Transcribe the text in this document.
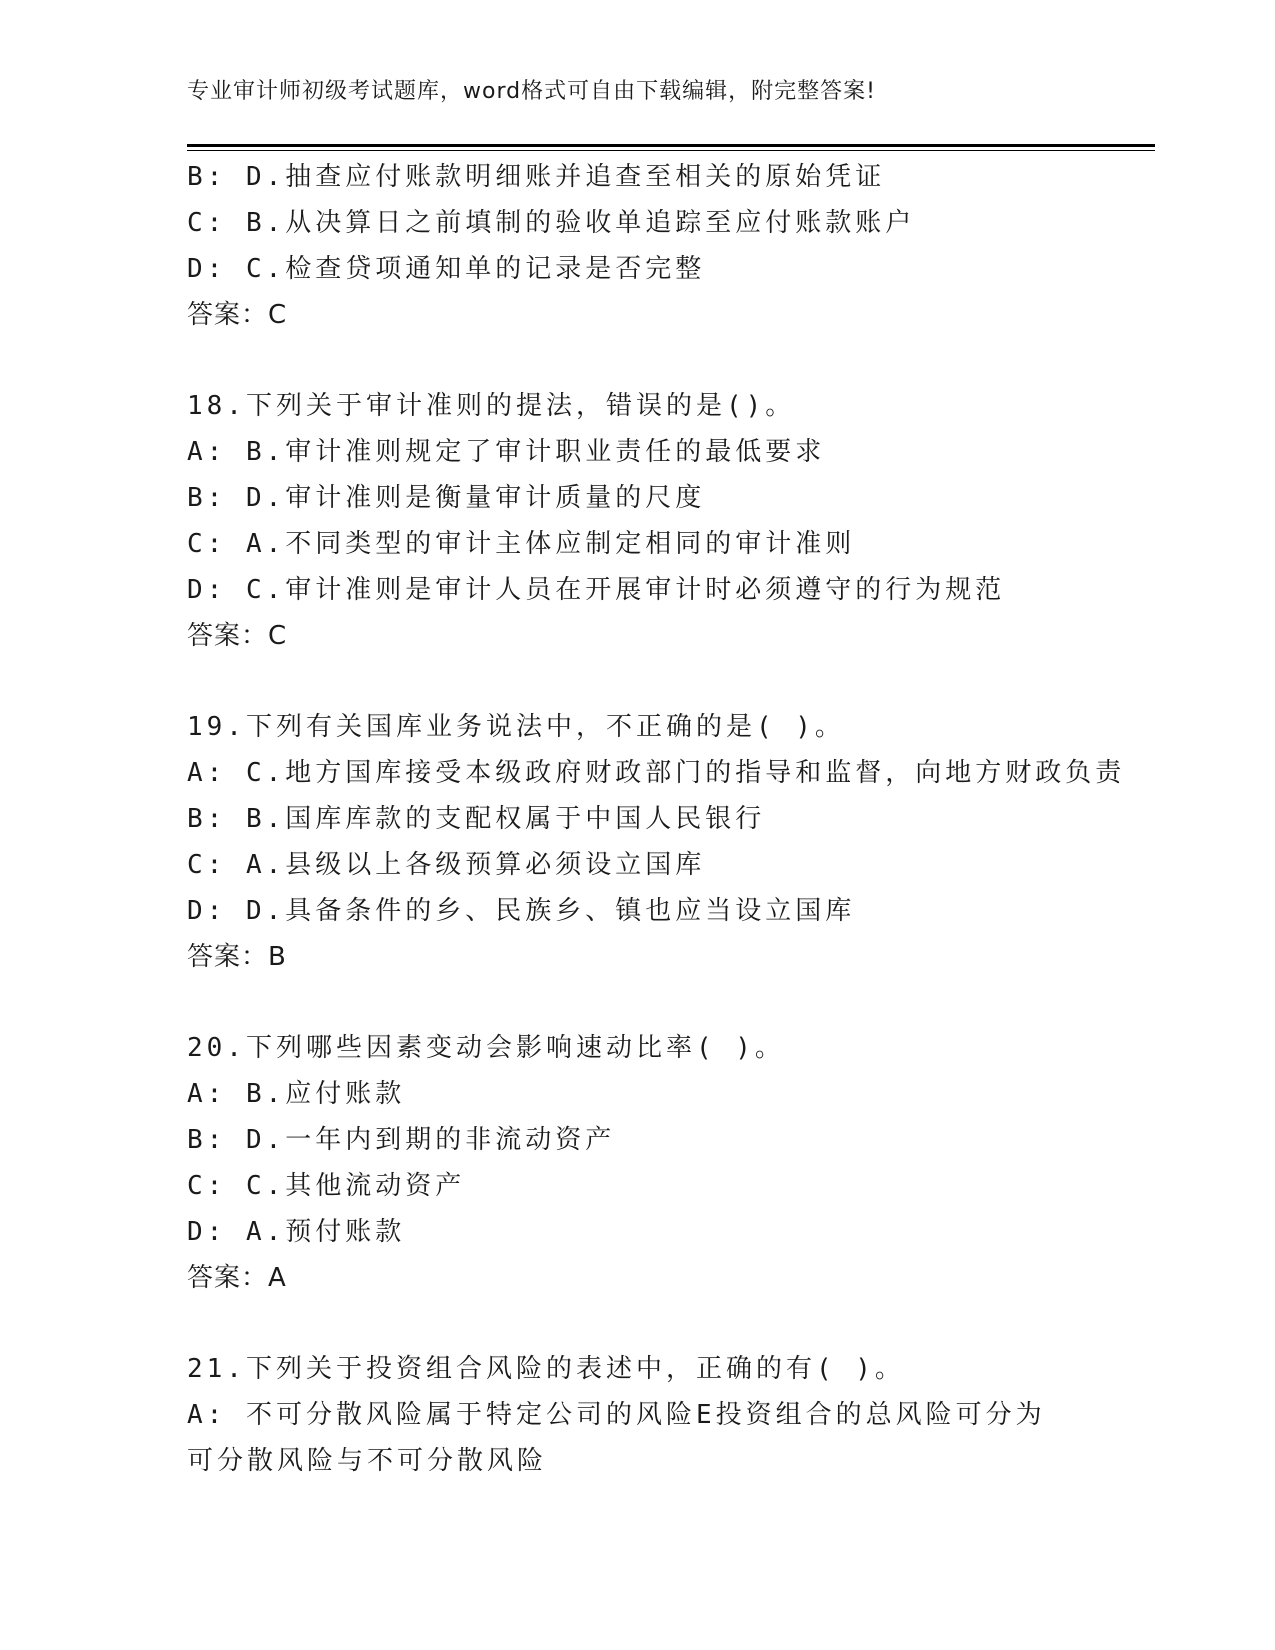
专业审计师初级考试题库，word格式可自由下载编辑，附完整答案!
B: D.抽查应付账款明细账并追查至相关的原始凭证
C: B.从决算日之前填制的验收单追踪至应付账款账户
D: C.检查贷项通知单的记录是否完整
答案：C
18.下列关于审计准则的提法，错误的是()。
A: B.审计准则规定了审计职业责任的最低要求
B: D.审计准则是衡量审计质量的尺度
C: A.不同类型的审计主体应制定相同的审计准则
D: C.审计准则是审计人员在开展审计时必须遵守的行为规范
答案：C
19.下列有关国库业务说法中，不正确的是( )。
A: C.地方国库接受本级政府财政部门的指导和监督，向地方财政负责
B: B.国库库款的支配权属于中国人民银行
C: A.县级以上各级预算必须设立国库
D: D.具备条件的乡、民族乡、镇也应当设立国库
答案：B
20.下列哪些因素变动会影响速动比率( )。
A: B.应付账款
B: D.一年内到期的非流动资产
C: C.其他流动资产
D: A.预付账款
答案：A
21.下列关于投资组合风险的表述中，正确的有( )。
A: 不可分散风险属于特定公司的风险E投资组合的总风险可分为可分散风险与不可分散风险
